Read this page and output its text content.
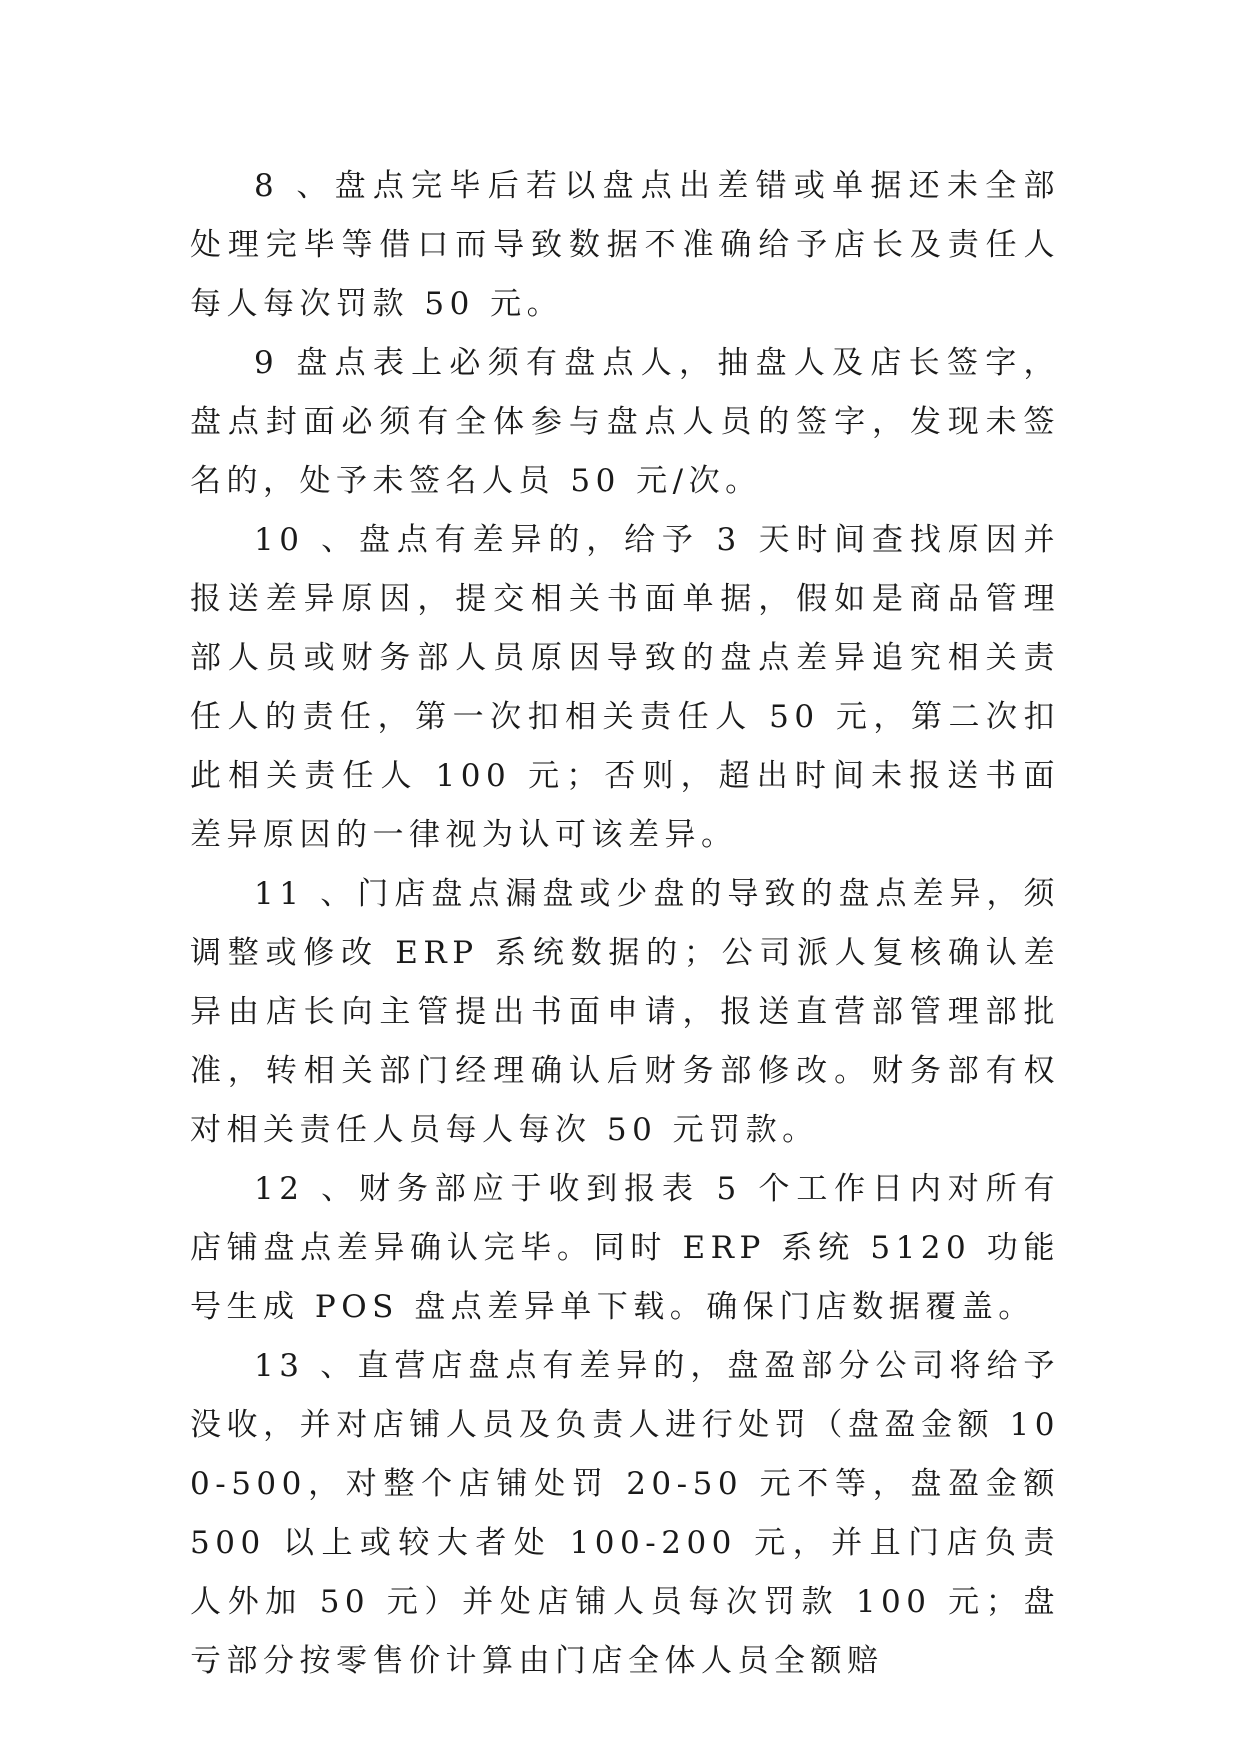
8 、盘点完毕后若以盘点出差错或单据还未全部处理完毕等借口而导致数据不准确给予店长及责任人每人每次罚款 50 元。

9 盘点表上必须有盘点人，抽盘人及店长签字，盘点封面必须有全体参与盘点人员的签字，发现未签名的，处予未签名人员 50 元/次。

10 、盘点有差异的，给予 3 天时间查找原因并报送差异原因，提交相关书面单据，假如是商品管理部人员或财务部人员原因导致的盘点差异追究相关责任人的责任，第一次扣相关责任人 50 元，第二次扣此相关责任人 100 元；否则，超出时间未报送书面差异原因的一律视为认可该差异。

11 、门店盘点漏盘或少盘的导致的盘点差异，须调整或修改 ERP 系统数据的；公司派人复核确认差异由店长向主管提出书面申请，报送直营部管理部批准，转相关部门经理确认后财务部修改。财务部有权对相关责任人员每人每次 50 元罚款。

12 、财务部应于收到报表 5 个工作日内对所有店铺盘点差异确认完毕。同时 ERP 系统 5120 功能号生成 POS 盘点差异单下载。确保门店数据覆盖。

13 、直营店盘点有差异的，盘盈部分公司将给予没收，并对店铺人员及负责人进行处罚（盘盈金额 100-500，对整个店铺处罚 20-50 元不等，盘盈金额 500 以上或较大者处 100-200 元，并且门店负责人外加 50 元）并处店铺人员每次罚款 100 元；盘亏部分按零售价计算由门店全体人员全额赔
